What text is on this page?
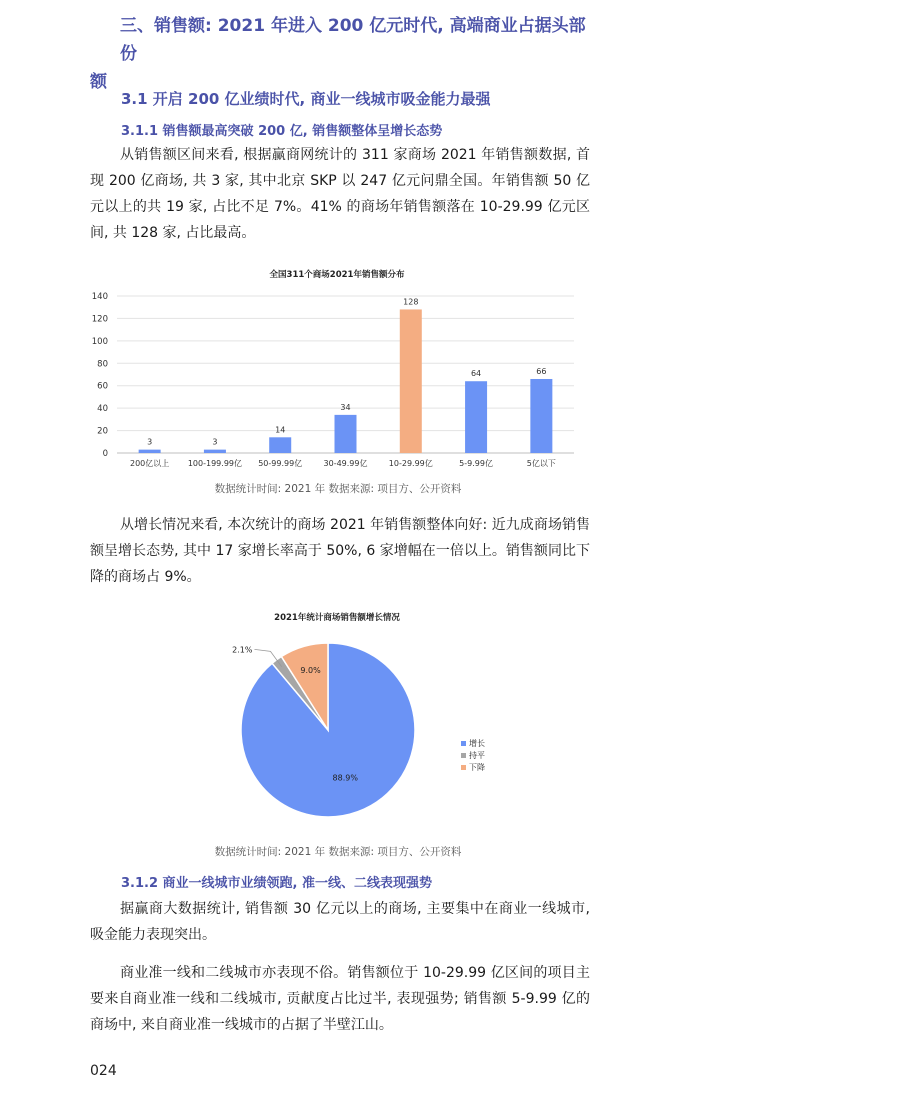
三、销售额: 2021 年进入 200 亿元时代, 高端商业占据头部份
额
3.1 开启 200 亿业绩时代, 商业一线城市吸金能力最强
3.1.1 销售额最高突破 200 亿, 销售额整体呈增长态势
从销售额区间来看, 根据赢商网统计的 311 家商场 2021 年销售额数据, 首现 200 亿商场, 共 3 家, 其中北京 SKP 以 247 亿元问鼎全国。年销售额 50 亿元以上的共 19 家, 占比不足 7%。41% 的商场年销售额落在 10-29.99 亿元区间, 共 128 家, 占比最高。
全国311个商场2021年销售额分布
0
20
40
60
80
100
120
140
3
200亿以上
3
100-199.99亿
14
50-99.99亿
34
30-49.99亿
128
10-29.99亿
64
5-9.99亿
66
5亿以下
数据统计时间: 2021 年 数据来源: 项目方、公开资料
从增长情况来看, 本次统计的商场 2021 年销售额整体向好: 近九成商场销售额呈增长态势, 其中 17 家增长率高于 50%, 6 家增幅在一倍以上。销售额同比下降的商场占 9%。
2021年统计商场销售额增长情况
88.9%
2.1%
9.0%
增长
持平
下降
数据统计时间: 2021 年 数据来源: 项目方、公开资料
3.1.2 商业一线城市业绩领跑, 准一线、二线表现强势
据赢商大数据统计, 销售额 30 亿元以上的商场, 主要集中在商业一线城市, 吸金能力表现突出。
商业准一线和二线城市亦表现不俗。销售额位于 10-29.99 亿区间的项目主要来自商业准一线和二线城市, 贡献度占比过半, 表现强势; 销售额 5-9.99 亿的商场中, 来自商业准一线城市的占据了半壁江山。
024
